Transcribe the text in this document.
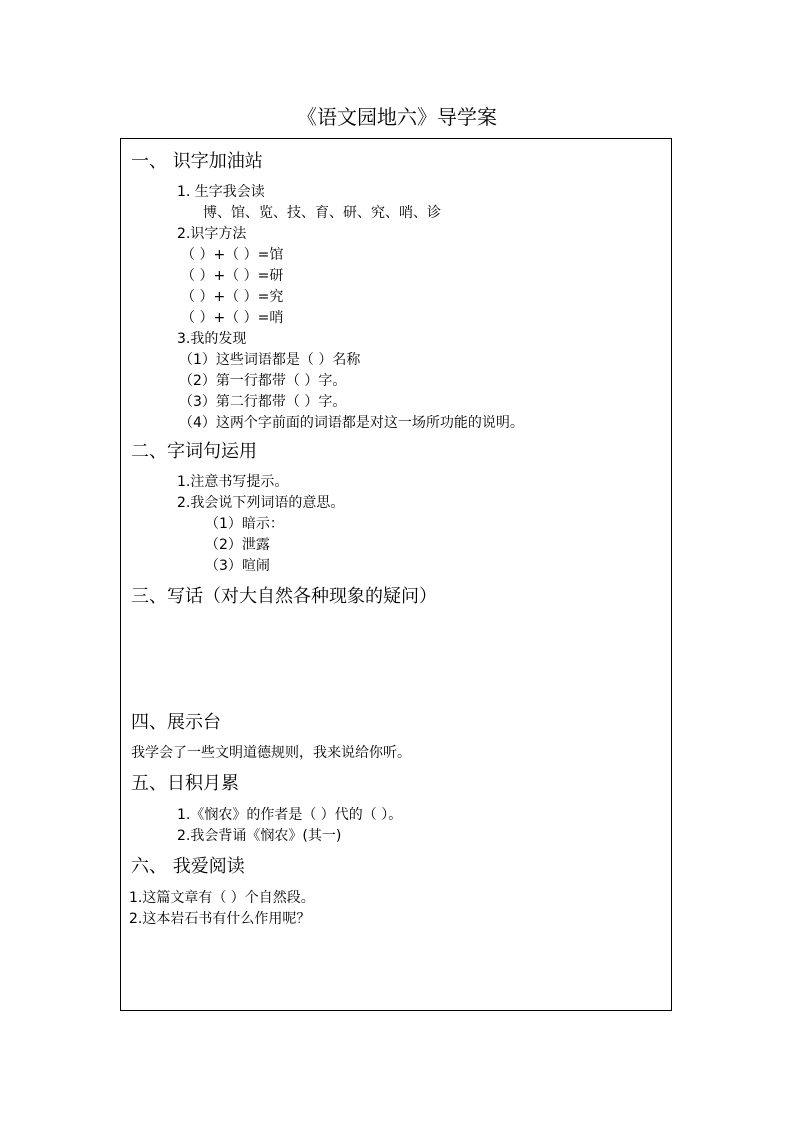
《语文园地六》导学案
一、 识字加油站
1. 生字我会读
博、馆、览、技、育、研、究、哨、诊
2.识字方法
（ ）+（ ）=馆
（ ）+（ ）=研
（ ）+（ ）=究
（ ）+（ ）=哨
3.我的发现
（1）这些词语都是（ ）名称
（2）第一行都带（ ）字。
（3）第二行都带（ ）字。
（4）这两个字前面的词语都是对这一场所功能的说明。
二、字词句运用
1.注意书写提示。
2.我会说下列词语的意思。
（1）暗示：
（2）泄露
（3）喧闹
三、写话（对大自然各种现象的疑问）
四、展示台
我学会了一些文明道德规则，我来说给你听。
五、日积月累
1.《悯农》的作者是（ ）代的（ ）。
2.我会背诵《悯农》(其一)
六、 我爱阅读
1.这篇文章有（ ）个自然段。
2.这本岩石书有什么作用呢？
